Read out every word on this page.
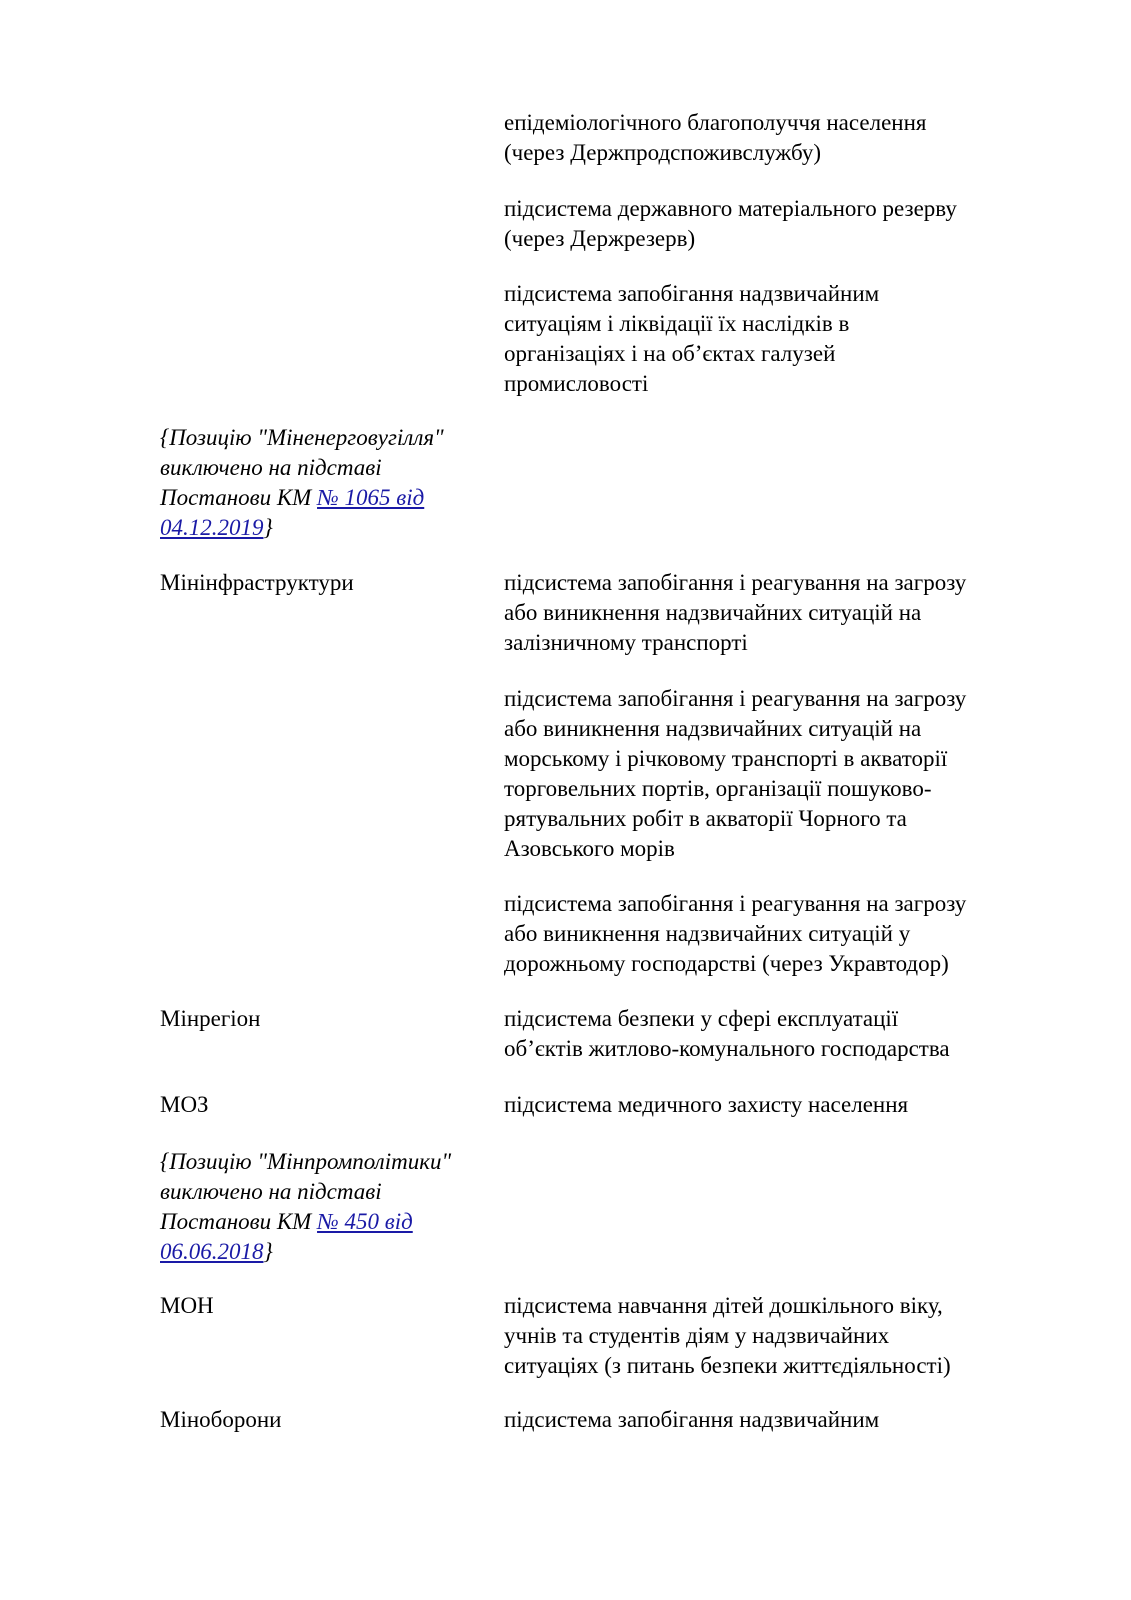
епідеміологічного благополуччя населення
(через Держпродспоживслужбу)
підсистема державного матеріального резерву
(через Держрезерв)
підсистема запобігання надзвичайним
ситуаціям і ліквідації їх наслідків в
організаціях і на об’єктах галузей
промисловості
{Позицію "Міненерговугілля"
виключено на підставі
Постанови КМ № 1065 від
04.12.2019}
Мінінфраструктури	підсистема запобігання і реагування на загрозу
або виникнення надзвичайних ситуацій на
залізничному транспорті
підсистема запобігання і реагування на загрозу
або виникнення надзвичайних ситуацій на
морському і річковому транспорті в акваторії
торговельних портів, організації пошуково-
рятувальних робіт в акваторії Чорного та
Азовського морів
підсистема запобігання і реагування на загрозу
або виникнення надзвичайних ситуацій у
дорожньому господарстві (через Укравтодор)
Мінрегіон	підсистема безпеки у сфері експлуатації
об’єктів житлово-комунального господарства
МОЗ	підсистема медичного захисту населення
{Позицію "Мінпромполітики"
виключено на підставі
Постанови КМ № 450 від
06.06.2018}
МОН	підсистема навчання дітей дошкільного віку,
учнів та студентів діям у надзвичайних
ситуаціях (з питань безпеки життєдіяльності)
Міноборони	підсистема запобігання надзвичайним
